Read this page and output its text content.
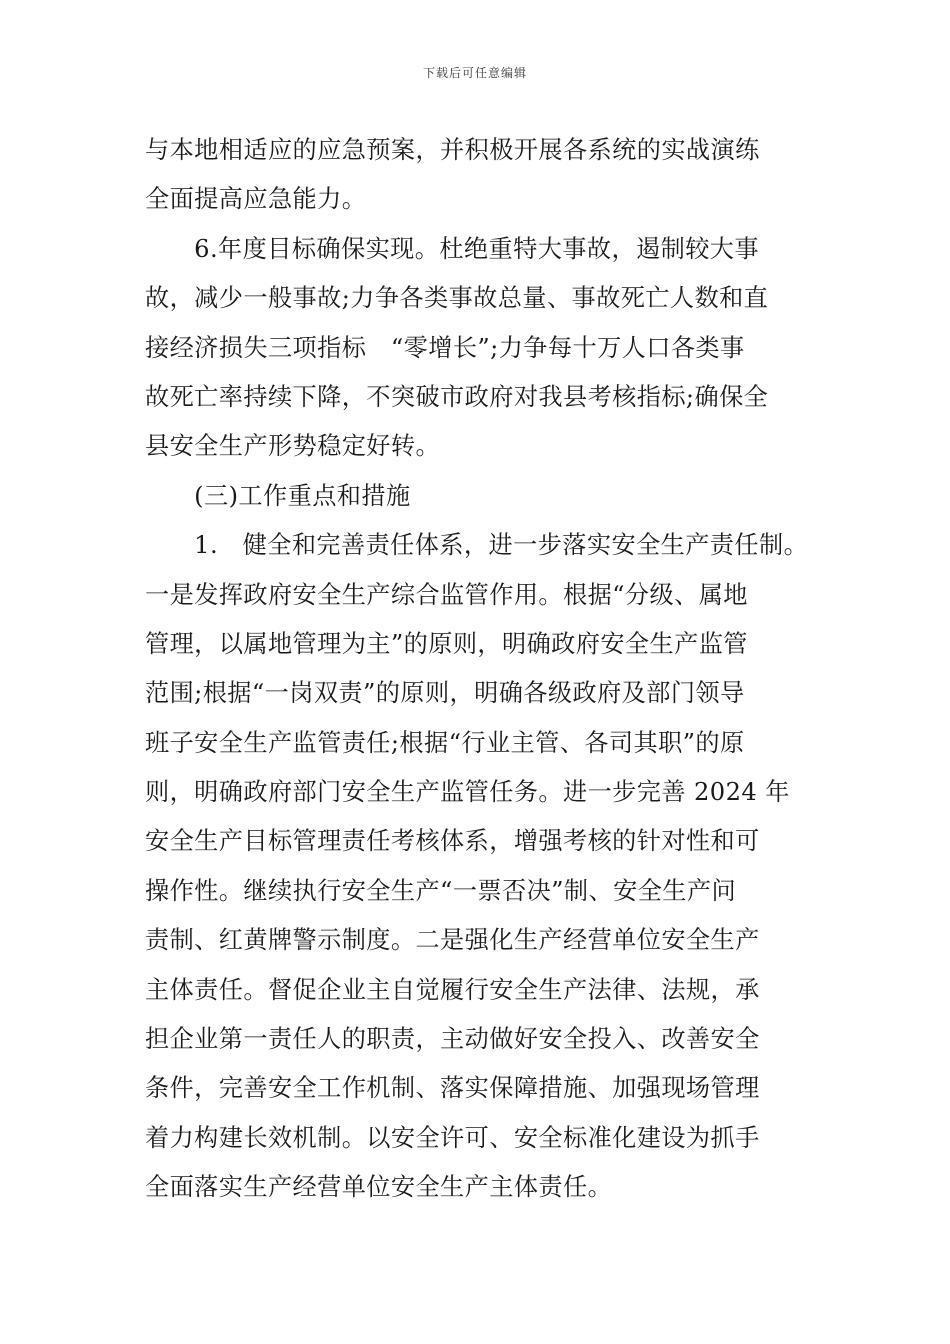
下载后可任意编辑
与本地相适应的应急预案，并积极开展各系统的实战演练
全面提高应急能力。
　　6.年度目标确保实现。杜绝重特大事故，遏制较大事
故，减少一般事故;力争各类事故总量、事故死亡人数和直
接经济损失三项指标　“零增长”;力争每十万人口各类事
故死亡率持续下降，不突破市政府对我县考核指标;确保全
县安全生产形势稳定好转。
　　(三)工作重点和措施
　　1.　健全和完善责任体系，进一步落实安全生产责任制。
一是发挥政府安全生产综合监管作用。根据“分级、属地
管理，以属地管理为主”的原则，明确政府安全生产监管
范围;根据“一岗双责”的原则，明确各级政府及部门领导
班子安全生产监管责任;根据“行业主管、各司其职”的原
则，明确政府部门安全生产监管任务。进一步完善 2024 年
安全生产目标管理责任考核体系，增强考核的针对性和可
操作性。继续执行安全生产“一票否决”制、安全生产问
责制、红黄牌警示制度。二是强化生产经营单位安全生产
主体责任。督促企业主自觉履行安全生产法律、法规，承
担企业第一责任人的职责，主动做好安全投入、改善安全
条件，完善安全工作机制、落实保障措施、加强现场管理
着力构建长效机制。以安全许可、安全标准化建设为抓手
全面落实生产经营单位安全生产主体责任。
